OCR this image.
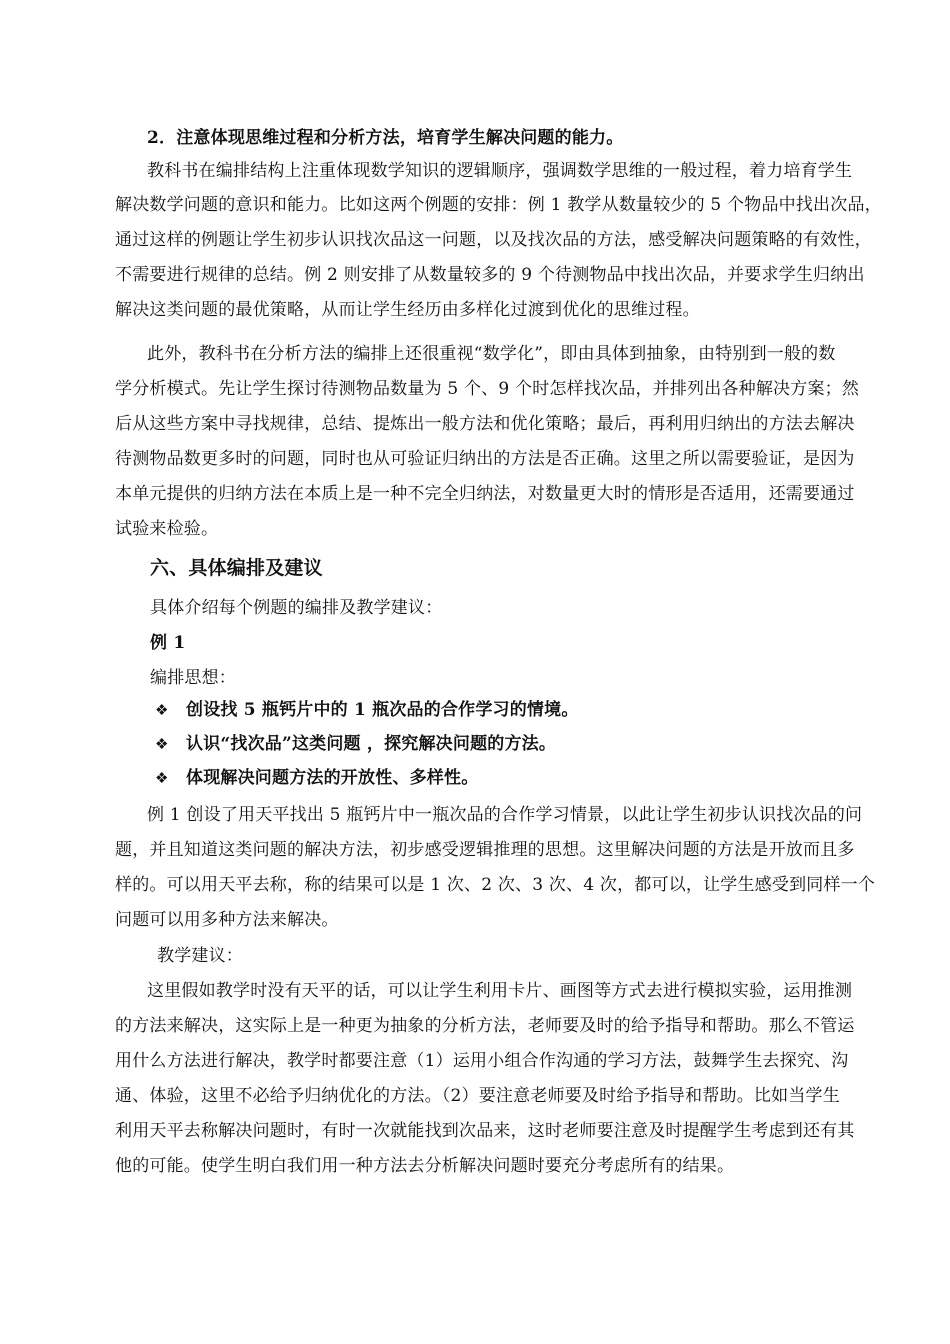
2．注意体现思维过程和分析方法，培育学生解决问题的能力。
教科书在编排结构上注重体现数学知识的逻辑顺序，强调数学思维的一般过程，着力培育学生
解决数学问题的意识和能力。比如这两个例题的安排：例 1 教学从数量较少的 5 个物品中找出次品，
通过这样的例题让学生初步认识找次品这一问题，以及找次品的方法，感受解决问题策略的有效性，
不需要进行规律的总结。例 2 则安排了从数量较多的 9 个待测物品中找出次品，并要求学生归纳出
解决这类问题的最优策略，从而让学生经历由多样化过渡到优化的思维过程。
此外，教科书在分析方法的编排上还很重视“数学化”，即由具体到抽象，由特别到一般的数
学分析模式。先让学生探讨待测物品数量为 5 个、9 个时怎样找次品，并排列出各种解决方案；然
后从这些方案中寻找规律，总结、提炼出一般方法和优化策略；最后，再利用归纳出的方法去解决
待测物品数更多时的问题，同时也从可验证归纳出的方法是否正确。这里之所以需要验证，是因为
本单元提供的归纳方法在本质上是一种不完全归纳法，对数量更大时的情形是否适用，还需要通过
试验来检验。
六、具体编排及建议
具体介绍每个例题的编排及教学建议：
例 1
编排思想：
❖ 创设找 5 瓶钙片中的 1 瓶次品的合作学习的情境。
❖ 认识“找次品”这类问题 ，探究解决问题的方法。
❖ 体现解决问题方法的开放性、多样性。
例 1 创设了用天平找出 5 瓶钙片中一瓶次品的合作学习情景，以此让学生初步认识找次品的问
题，并且知道这类问题的解决方法，初步感受逻辑推理的思想。这里解决问题的方法是开放而且多
样的。可以用天平去称，称的结果可以是 1 次、2 次、3 次、4 次，都可以，让学生感受到同样一个
问题可以用多种方法来解决。
教学建议：
这里假如教学时没有天平的话，可以让学生利用卡片、画图等方式去进行模拟实验，运用推测
的方法来解决，这实际上是一种更为抽象的分析方法，老师要及时的给予指导和帮助。那么不管运
用什么方法进行解决，教学时都要注意（1）运用小组合作沟通的学习方法，鼓舞学生去探究、沟
通、体验，这里不必给予归纳优化的方法。（2）要注意老师要及时给予指导和帮助。比如当学生
利用天平去称解决问题时，有时一次就能找到次品来，这时老师要注意及时提醒学生考虑到还有其
他的可能。使学生明白我们用一种方法去分析解决问题时要充分考虑所有的结果。
